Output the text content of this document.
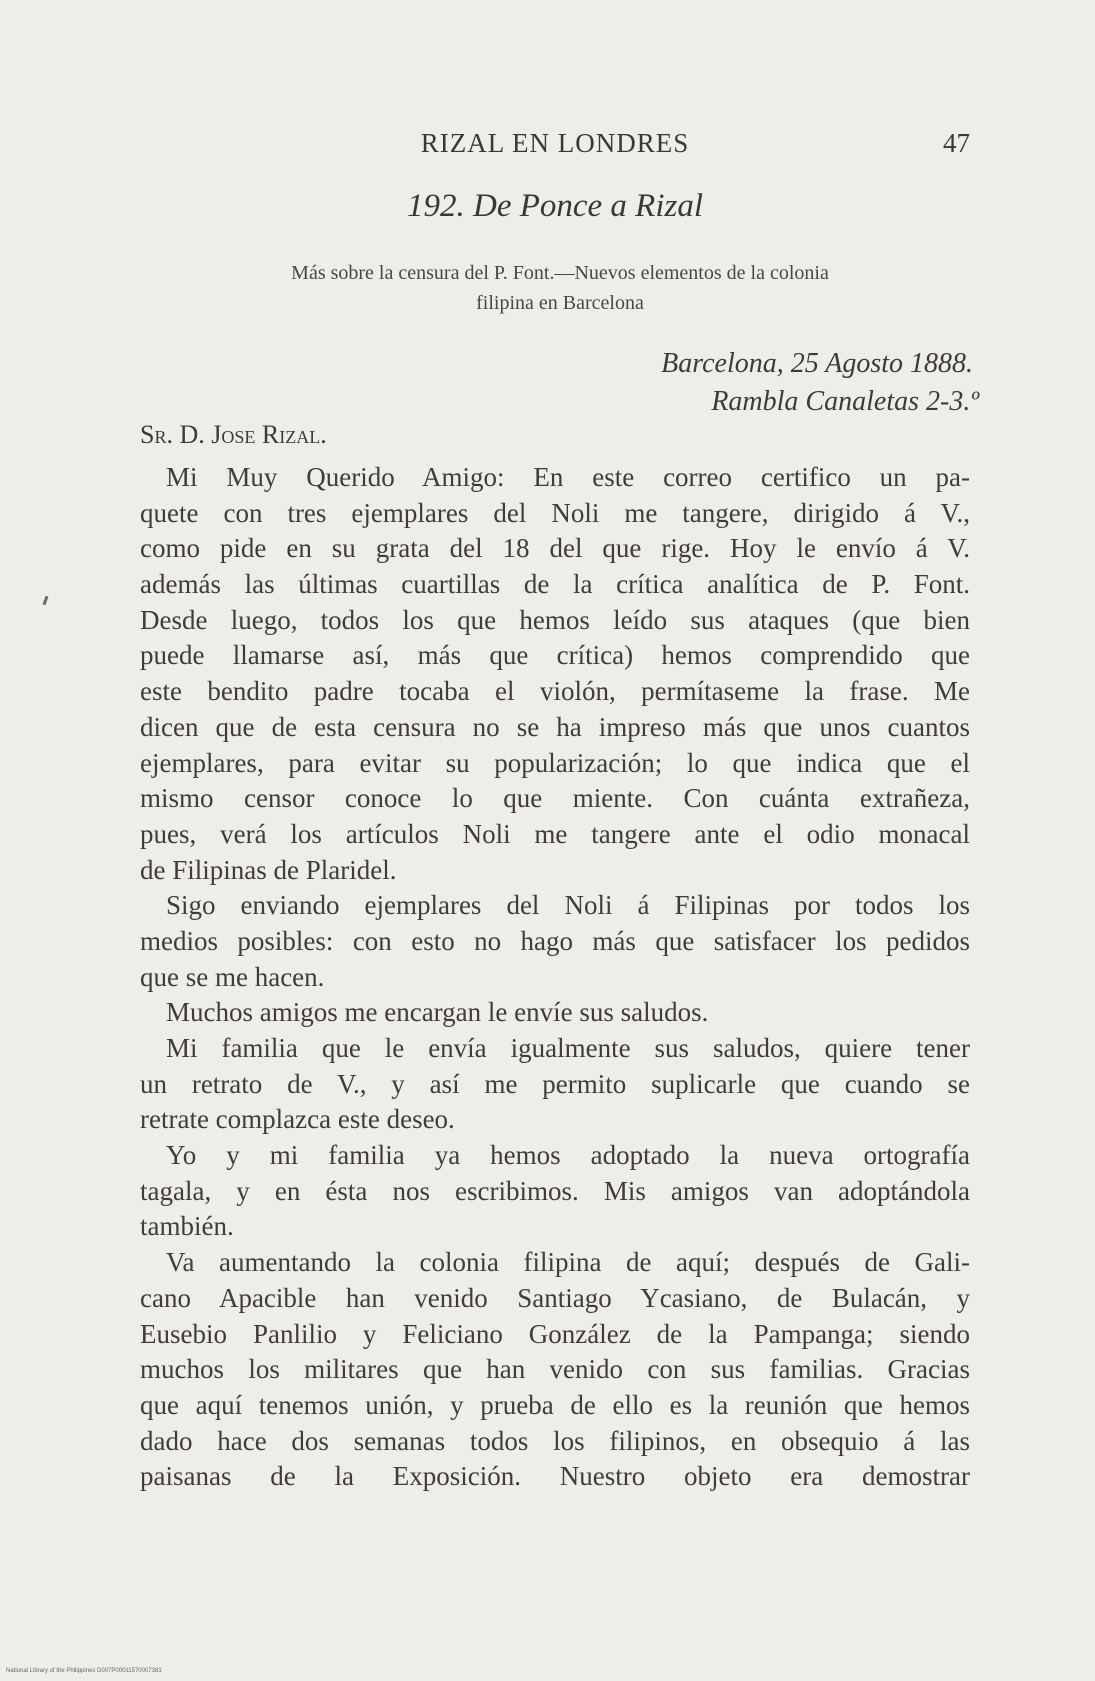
RIZAL EN LONDRES	47
192. De Ponce a Rizal
Más sobre la censura del P. Font.—Nuevos elementos de la colonia
filipina en Barcelona
Barcelona, 25 Agosto 1888.
Rambla Canaletas 2-3.º
Sr. D. Jose Rizal.
Mi Muy Querido Amigo: En este correo certifico un pa-
quete con tres ejemplares del Noli me tangere, dirigido á V.,
como pide en su grata del 18 del que rige. Hoy le envío á V.
además las últimas cuartillas de la crítica analítica de P. Font.
Desde luego, todos los que hemos leído sus ataques (que bien
puede llamarse así, más que crítica) hemos comprendido que
este bendito padre tocaba el violón, permítaseme la frase. Me
dicen que de esta censura no se ha impreso más que unos cuantos
ejemplares, para evitar su popularización; lo que indica que el
mismo censor conoce lo que miente. Con cuánta extrañeza,
pues, verá los artículos Noli me tangere ante el odio monacal
de Filipinas de Plaridel.
Sigo enviando ejemplares del Noli á Filipinas por todos los
medios posibles: con esto no hago más que satisfacer los pedidos
que se me hacen.
Muchos amigos me encargan le envíe sus saludos.
Mi familia que le envía igualmente sus saludos, quiere tener
un retrato de V., y así me permito suplicarle que cuando se
retrate complazca este deseo.
Yo y mi familia ya hemos adoptado la nueva ortografía
tagala, y en ésta nos escribimos. Mis amigos van adoptándola
también.
Va aumentando la colonia filipina de aquí; después de Gali-
cano Apacible han venido Santiago Ycasiano, de Bulacán, y
Eusebio Panlilio y Feliciano González de la Pampanga; siendo
muchos los militares que han venido con sus familias. Gracias
que aquí tenemos unión, y prueba de ello es la reunión que hemos
dado hace dos semanas todos los filipinos, en obsequio á las
paisanas de la Exposición. Nuestro objeto era demostrar
National Library of the Philippines D007P00011570007381
